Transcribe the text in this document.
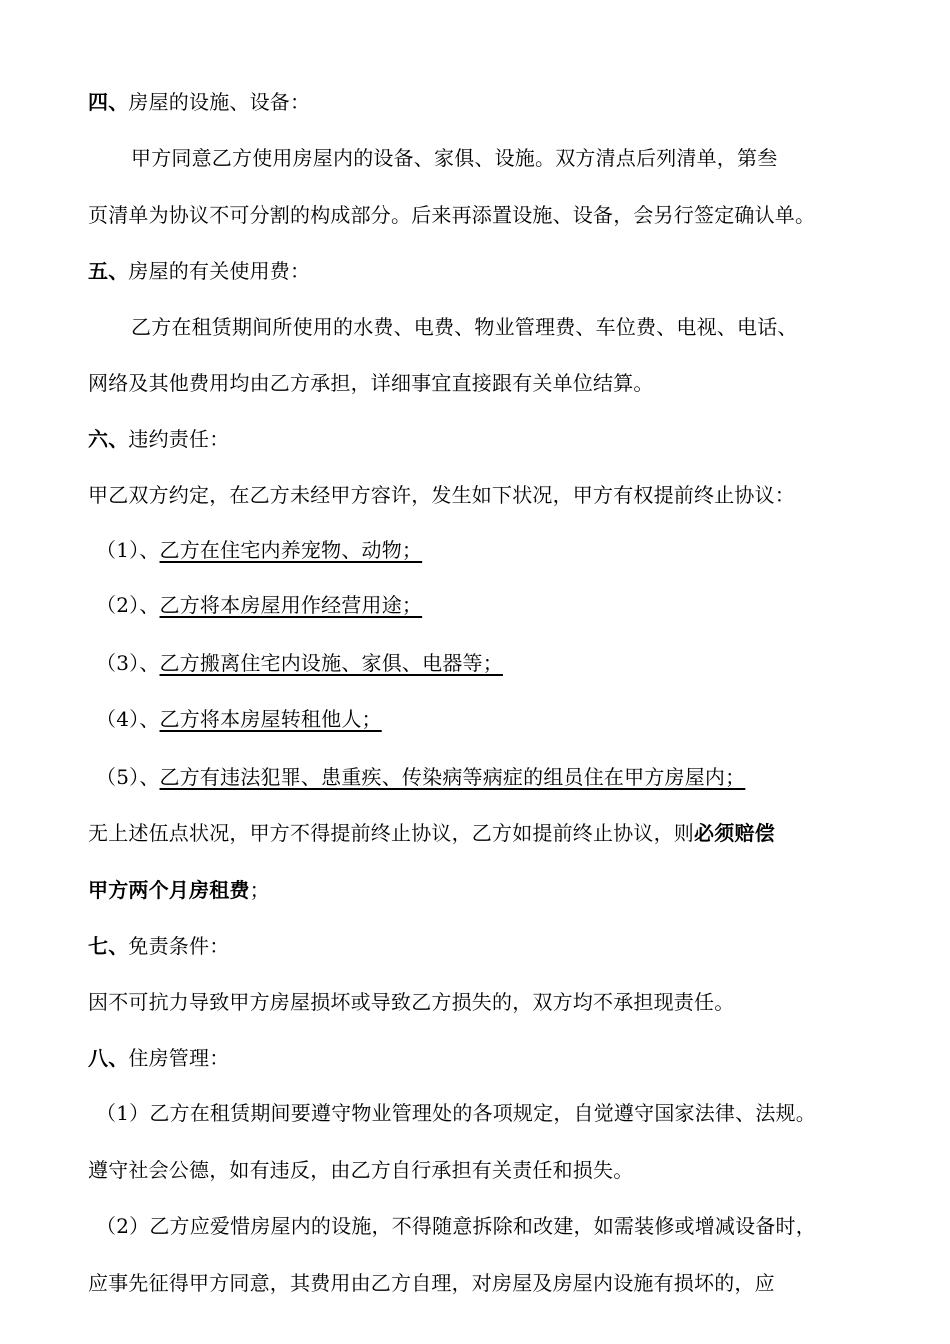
四、房屋的设施、设备：
甲方同意乙方使用房屋内的设备、家俱、设施。双方清点后列清单，第叁
页清单为协议不可分割的构成部分。后来再添置设施、设备，会另行签定确认单。
五、房屋的有关使用费：
乙方在租赁期间所使用的水费、电费、物业管理费、车位费、电视、电话、
网络及其他费用均由乙方承担，详细事宜直接跟有关单位结算。
六、违约责任：
甲乙双方约定，在乙方未经甲方容许，发生如下状况，甲方有权提前终止协议：
（1）、乙方在住宅内养宠物、动物；
（2）、乙方将本房屋用作经营用途；
（3）、乙方搬离住宅内设施、家俱、电器等；
（4）、乙方将本房屋转租他人；
（5）、乙方有违法犯罪、患重疾、传染病等病症的组员住在甲方房屋内；
无上述伍点状况，甲方不得提前终止协议，乙方如提前终止协议，则必须赔偿
甲方两个月房租费；
七、免责条件：
因不可抗力导致甲方房屋损坏或导致乙方损失的，双方均不承担现责任。
八、住房管理：
（1）乙方在租赁期间要遵守物业管理处的各项规定，自觉遵守国家法律、法规。
遵守社会公德，如有违反，由乙方自行承担有关责任和损失。
（2）乙方应爱惜房屋内的设施，不得随意拆除和改建，如需装修或增减设备时，
应事先征得甲方同意，其费用由乙方自理，对房屋及房屋内设施有损坏的，应
